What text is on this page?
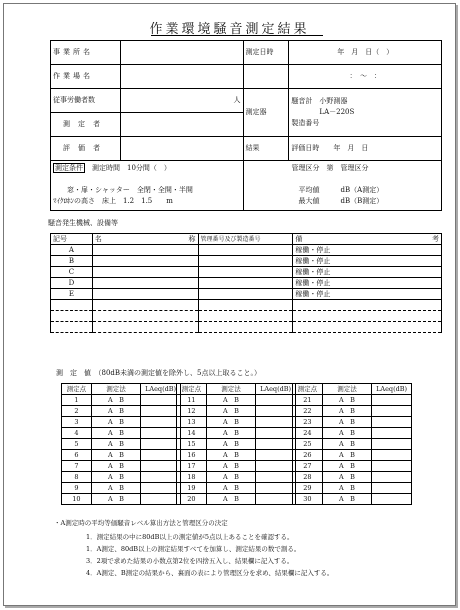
作業環境騒音測定結果
事業所名		測定日時	年　月　日（　）
作業場名			：　～　：
従事労働者数	人	測定器	騒音計　 小野測器
　　　　LA－220S
製造番号
測定者			
評価者		結果	評価日時　　 年　月　日
測定条件　 測定時間　10分間（　）

窓・扉・シャッター　全閉・全開・半開
ﾏｲｸﾛﾎﾝの高さ　床上　1.2　1.5　　m		管理区分　 第　管理区分

　平均値　　　 dB（A測定）
　最大値　　　 dB（B測定）	
騒音発生機械、設備等
記号	名 称	管理番号及び製造番号	備 考

A			稼働・停止
B			稼働・停止
C			稼働・停止
D			稼働・停止
E			稼働・停止

測　定　値　 （80dB未満の測定値を除外し、5点以上取ること。）
測定点	測定法	LAeq(dB)
1	A　B	
2	A　B	
3	A　B	
4	A　B	
5	A　B	
6	A　B	
7	A　B	
8	A　B	
9	A　B	
10	A　B	
測定点	測定法	LAeq(dB)
11	A　B	
12	A　B	
13	A　B	
14	A　B	
15	A　B	
16	A　B	
17	A　B	
18	A　B	
19	A　B	
20	A　B	
測定点	測定法	LAeq(dB)
21	A　B	
22	A　B	
23	A　B	
24	A　B	
25	A　B	
26	A　B	
27	A　B	
28	A　B	
29	A　B	
30	A　B	
・A測定時の平均等価騒音レベル算出方法と管理区分の決定
1．測定結果の中に80dB以上の測定値が5点以上あることを確認する。
1．A測定、80dB以上の測定結果すべてを加算し、測定結果の数で割る。
3．2項で求めた結果の小数点第2位を四捨五入し、結果欄に記入する。
4．A測定、B測定の結果から、裏面の表により管理区分を求め、結果欄に記入する。
